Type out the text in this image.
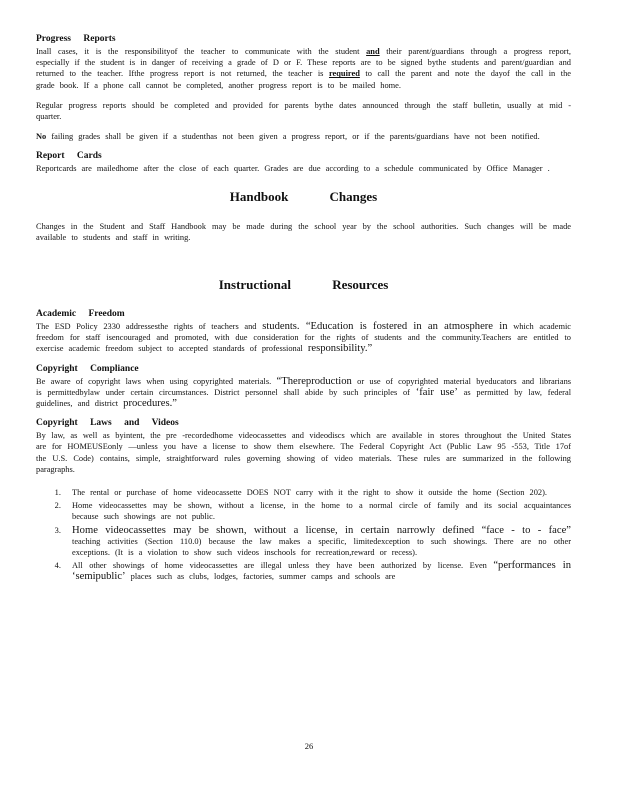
Progress Reports

Inall cases, it is the responsibilityof the teacher to communicate with the student and their parent/guardians through a progress report, especially if the student is in danger of receiving a grade of D or F. These reports are to be signed bythe students and parent/guardian and returned to the teacher. Ifthe progress report is not returned, the teacher is required to call the parent and note the dayof the call in the grade book. If a phone call cannot be completed, another progress report is to be mailed home.

Regular progress reports should be completed and provided for parents bythe dates announced through the staff bulletin, usually at mid -quarter.

No failing grades shall be given if a studenthas not been given a progress report, or if the parents/guardians have not been notified.

Report Cards

Reportcards are mailedhome after the close of each quarter. Grades are due according to a schedule communicated by Office Manager .

Handbook Changes

Changes in the Student and Staff Handbook may be made during the school year by the school authorities. Such changes will be made available to students and staff in writing.

Instructional Resources
Academic Freedom

The ESD Policy 2330 addressesthe rights of teachers and students. “Education is fostered in an atmosphere in which academic freedom for staff isencouraged and promoted, with due consideration for the rights of students and the community.Teachers are entitled to exercise academic freedom subject to accepted standards of professional responsibility.”

Copyright Compliance

Be aware of copyright laws when using copyrighted materials. “Thereproduction or use of copyrighted material byeducators and librarians is permittedbylaw under certain circumstances. District personnel shall abide by such principles of ‘fair use’ as permitted by law, federal guidelines, and district procedures.”

Copyright Laws and Videos

By law, as well as byintent, the pre -recordedhome videocassettes and videodiscs which are available in stores throughout the United States are for HOMEUSEonly —unless you have a license to show them elsewhere. The Federal Copyright Act (Public Law 95 -553, Title 17of the U.S. Code) contains, simple, straightforward rules governing showing of video materials. These rules are summarized in the following paragraphs.

1. The rental or purchase of home videocassette DOES NOT carry with it the right to show it outside the home (Section 202).
2. Home videocassettes may be shown, without a license, in the home to a normal circle of family and its social acquaintances because such showings are not public.
3. Home videocassettes may be shown, without a license, in certain narrowly defined “face - to - face” teaching activities (Section 110.0) because the law makes a specific, limitedexception to such showings. There are no other exceptions. (It is a violation to show such videos inschools for recreation,reward or recess).
4. All other showings of home videocassettes are illegal unless they have been authorized by license. Even “performances in ‘semipublic’ places such as clubs, lodges, factories, summer camps and schools are
26
